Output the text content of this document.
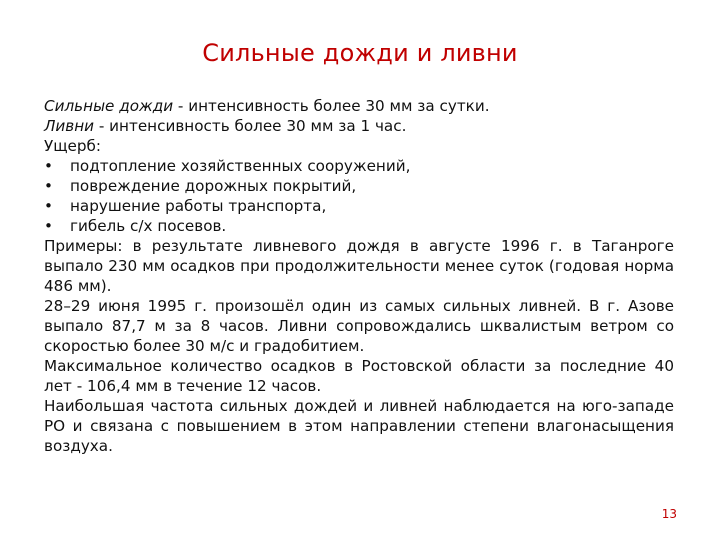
Сильные дожди и ливни

Сильные дожди - интенсивность более 30 мм за сутки.

Ливни - интенсивность более 30 мм за 1 час.

Ущерб:

• подтопление хозяйственных сооружений,
• повреждение дорожных покрытий,
• нарушение работы транспорта,
• гибель с/х посевов.

Примеры: в результате ливневого дождя в августе 1996 г. в Таганроге выпало 230 мм осадков при продолжительности менее суток (годовая норма 486 мм).

28–29 июня 1995 г. произошёл один из самых сильных ливней. В г. Азове выпало 87,7 м за 8 часов. Ливни сопровождались шквалистым ветром со скоростью более 30 м/с и градобитием.

Максимальное количество осадков в Ростовской области за последние 40 лет - 106,4 мм в течение 12 часов.

Наибольшая частота сильных дождей и ливней наблюдается на юго-западе РО и связана с повышением в этом направлении степени влагонасыщения воздуха.

13
